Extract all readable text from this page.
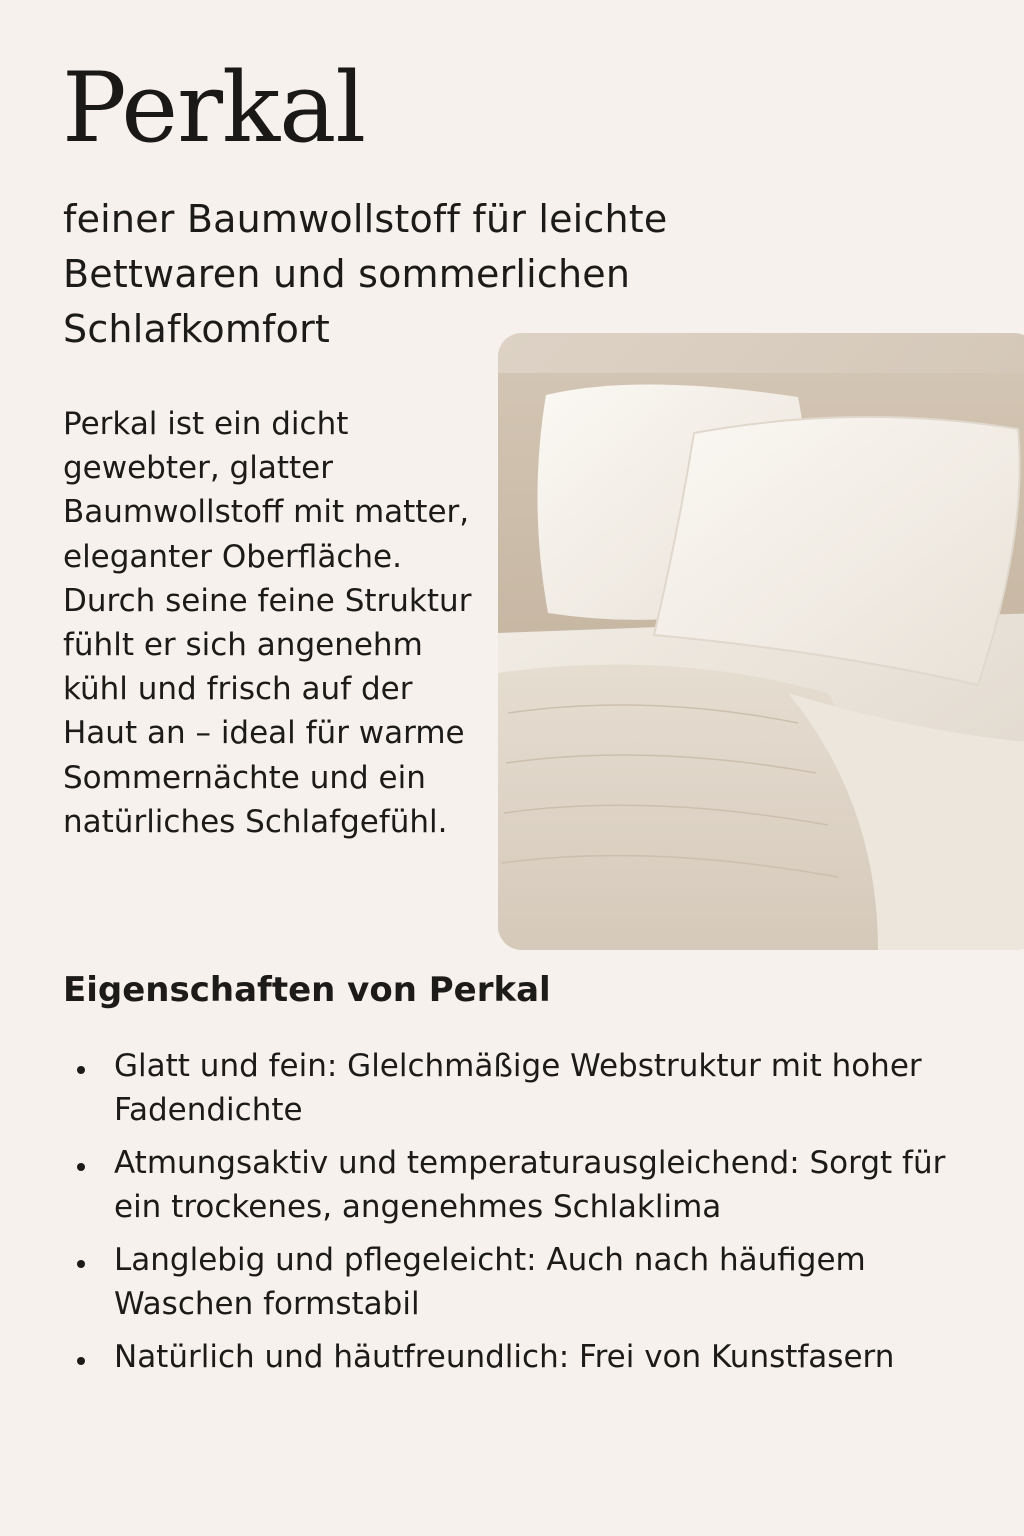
Perkal
feiner Baumwollstoff für leichte Bettwaren und sommerlichen Schlafkomfort

Perkal ist ein dicht gewebter, glatter Baumwollstoff mit matter, eleganter Oberfläche. Durch seine feine Struktur fühlt er sich angenehm kühl und frisch auf der Haut an – ideal für warme Sommernächte und ein natürliches Schlafgefühl.

Eigenschaften von Perkal
Glatt und fein: Glelchmäßige Webstruktur mit hoher Fadendichte
Atmungsaktiv und temperaturausgleichend: Sorgt für ein trockenes, angenehmes Schlaklima
Langlebig und pflegeleicht: Auch nach häufigem Waschen formstabil
Natürlich und häutfreundlich: Frei von Kunstfasern
